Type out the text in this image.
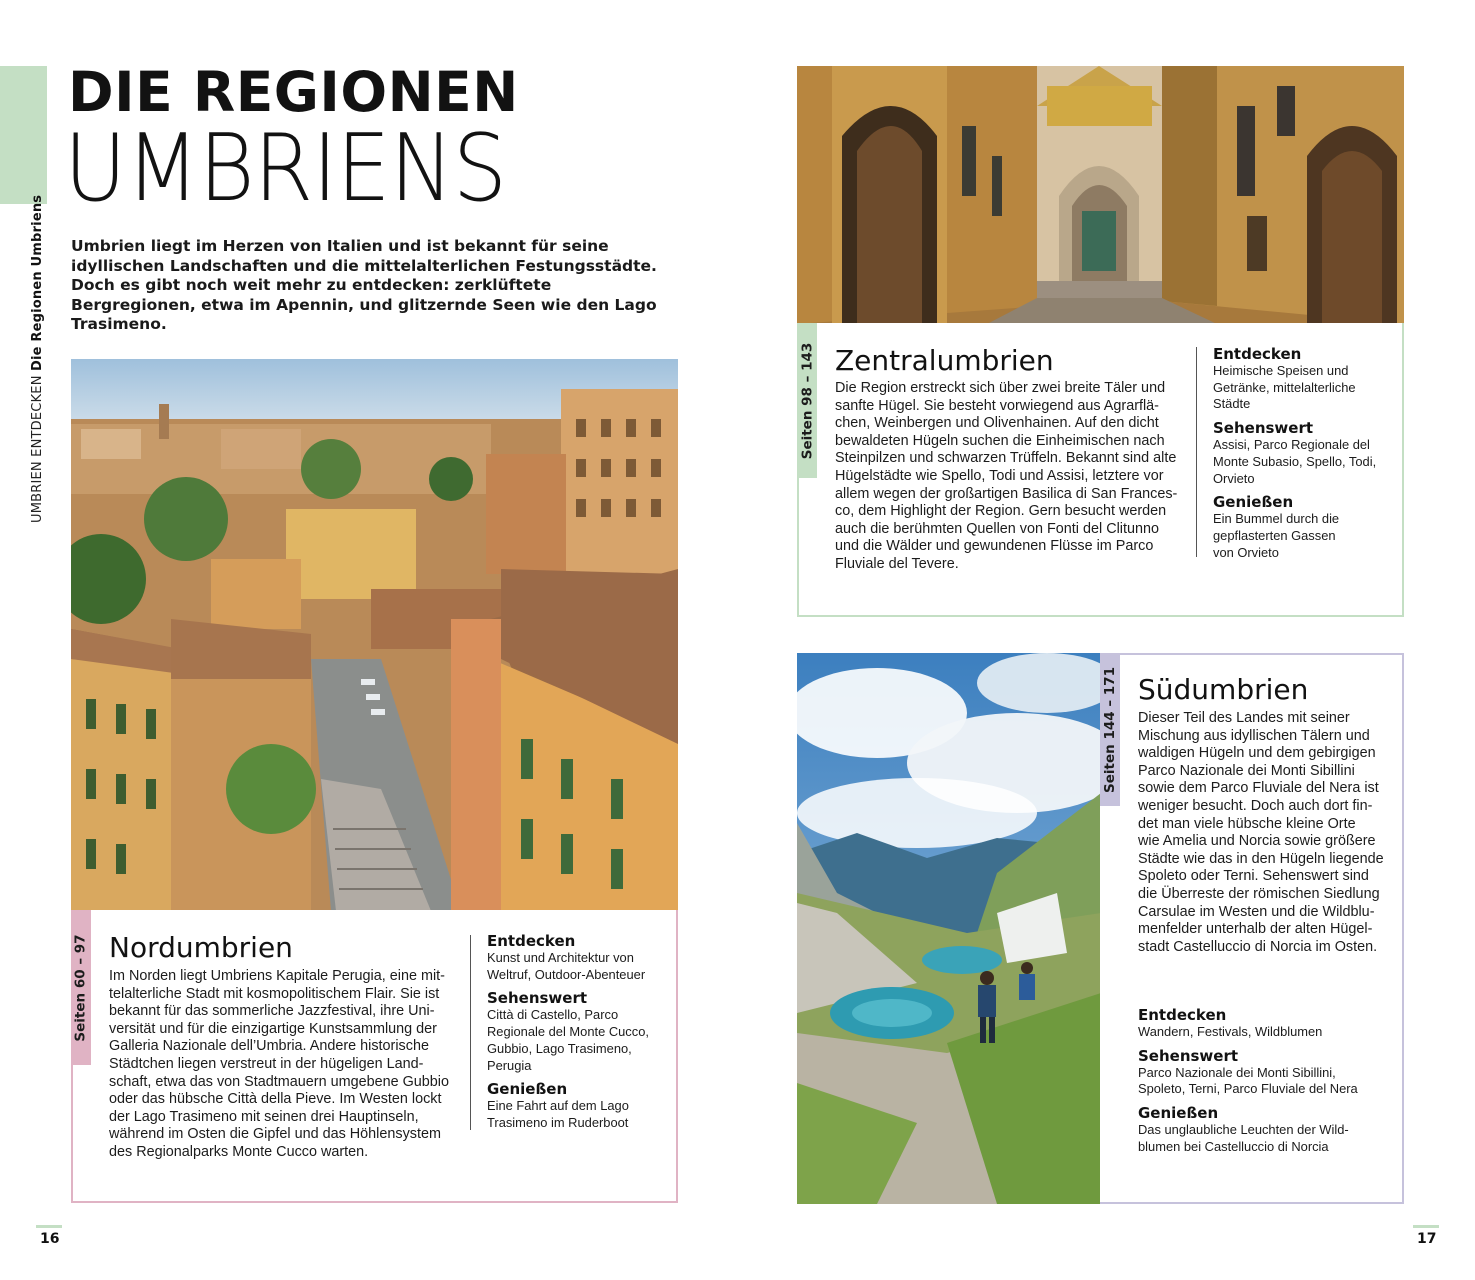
UMBRIEN ENTDECKEN Die Regionen Umbriens
DIE REGIONEN
UMBRIENS
Umbrien liegt im Herzen von Italien und ist bekannt für seine idyllischen Landschaften und die mittelalterlichen Festungsstädte. Doch es gibt noch weit mehr zu entdecken: zerklüftete Bergregionen, etwa im Apennin, und glitzernde Seen wie den Lago Trasimeno.
Seiten 60 – 97 Nordumbrien
Im Norden liegt Umbriens Kapitale Perugia, eine mit-
telalterliche Stadt mit kosmopolitischem Flair. Sie ist
bekannt für das sommerliche Jazzfestival, ihre Uni-
versität und für die einzigartige Kunstsammlung der
Galleria Nazionale dell’Umbria. Andere historische
Städtchen liegen verstreut in der hügeligen Land-
schaft, etwa das von Stadtmauern umgebene Gubbio
oder das hübsche Città della Pieve. Im Westen lockt
der Lago Trasimeno mit seinen drei Hauptinseln,
während im Osten die Gipfel und das Höhlensystem
des Regionalparks Monte Cucco warten.
Entdecken
Kunst und Architektur von
Weltruf, Outdoor-Abenteuer
Sehenswert
Città di Castello, Parco
Regionale del Monte Cucco,
Gubbio, Lago Trasimeno,
Perugia
Genießen
Eine Fahrt auf dem Lago
Trasimeno im Ruderboot
16
Seiten 98 – 143 Zentralumbrien
Die Region erstreckt sich über zwei breite Täler und
sanfte Hügel. Sie besteht vorwiegend aus Agrarflä-
chen, Weinbergen und Olivenhainen. Auf den dicht
bewaldeten Hügeln suchen die Einheimischen nach
Steinpilzen und schwarzen Trüffeln. Bekannt sind alte
Hügelstädte wie Spello, Todi und Assisi, letztere vor
allem wegen der großartigen Basilica di San Frances-
co, dem Highlight der Region. Gern besucht werden
auch die berühmten Quellen von Fonti del Clitunno
und die Wälder und gewundenen Flüsse im Parco
Fluviale del Tevere.
Entdecken
Heimische Speisen und
Getränke, mittelalterliche
Städte
Sehenswert
Assisi, Parco Regionale del
Monte Subasio, Spello, Todi,
Orvieto
Genießen
Ein Bummel durch die
gepflasterten Gassen
von Orvieto
Seiten 144 – 171 Südumbrien
Dieser Teil des Landes mit seiner
Mischung aus idyllischen Tälern und
waldigen Hügeln und dem gebirgigen
Parco Nazionale dei Monti Sibillini
sowie dem Parco Fluviale del Nera ist
weniger besucht. Doch auch dort fin-
det man viele hübsche kleine Orte
wie Amelia und Norcia sowie größere
Städte wie das in den Hügeln liegende
Spoleto oder Terni. Sehenswert sind
die Überreste der römischen Siedlung
Carsulae im Westen und die Wildblu-
menfelder unterhalb der alten Hügel-
stadt Castelluccio di Norcia im Osten.
Entdecken
Wandern, Festivals, Wildblumen
Sehenswert
Parco Nazionale dei Monti Sibillini,
Spoleto, Terni, Parco Fluviale del Nera
Genießen
Das unglaubliche Leuchten der Wild-
blumen bei Castelluccio di Norcia
17
